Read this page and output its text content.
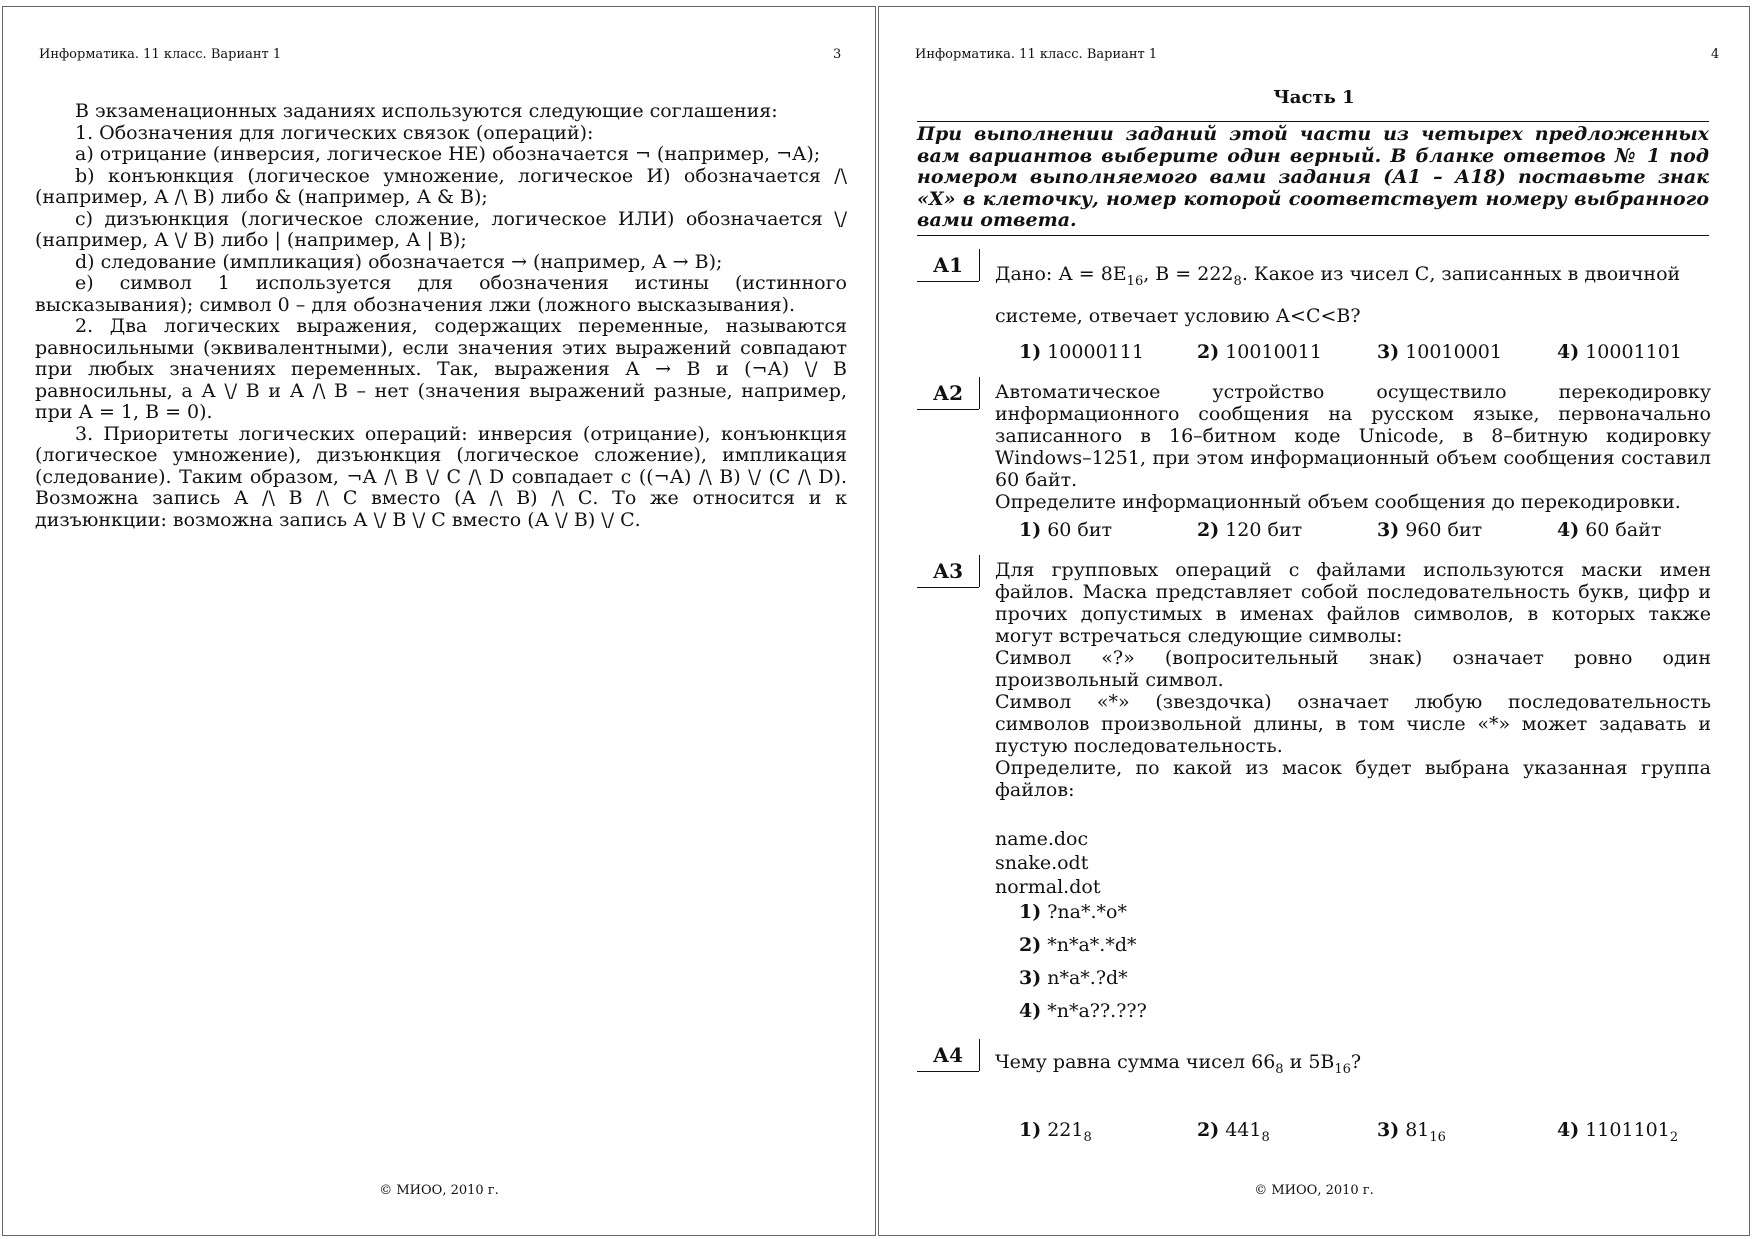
Информатика. 11 класс. Вариант 1	3

В экзаменационных заданиях используются следующие соглашения:

1. Обозначения для логических связок (операций):

a) отрицание (инверсия, логическое НЕ) обозначается ¬ (например, ¬А);

b) конъюнкция (логическое умножение, логическое И) обозначается /\ (например, А /\ В) либо & (например, А & В);

c) дизъюнкция (логическое сложение, логическое ИЛИ) обозначается \/ (например, А \/ В) либо | (например, А | В);

d) следование (импликация) обозначается → (например, А → В);

e) символ 1 используется для обозначения истины (истинного высказывания); символ 0 – для обозначения лжи (ложного высказывания).

2. Два логических выражения, содержащих переменные, называются равносильными (эквивалентными), если значения этих выражений совпадают при любых значениях переменных. Так, выражения А → В и (¬А) \/ В равносильны, а А \/ В и А /\ В – нет (значения выражений разные, например, при А = 1, В = 0).

3. Приоритеты логических операций: инверсия (отрицание), конъюнкция (логическое умножение), дизъюнкция (логическое сложение), импликация (следование). Таким образом, ¬А /\ В \/ С /\ D совпадает с ((¬А) /\ В) \/ (С /\ D). Возможна запись А /\ В /\ С вместо (А /\ В) /\ С. То же относится и к дизъюнкции: возможна запись А \/ В \/ С вместо (А \/ В) \/ С.

© МИОО, 2010 г.
Информатика. 11 класс. Вариант 1	4
Часть 1
При выполнении заданий этой части из четырех предложенных вам вариантов выберите один верный. В бланке ответов № 1 под номером выполняемого вами задания (А1 – А18) поставьте знак «Х» в клеточку, номер которой соответствует номеру выбранного вами ответа.
А1	Дано: $А = 8Е_{16}$, $В = 222_8$. Какое из чисел С, записанных в двоичной
системе, отвечает условию А<C<B?
1) 10000111	2) 10010011	3) 10010001	4) 10001101
А2	Автоматическое устройство осуществило перекодировку информационного сообщения на русском языке, первоначально записанного в 16–битном коде Unicode, в 8–битную кодировку Windows–1251, при этом информационный объем сообщения составил 60 байт.

Определите информационный объем сообщения до перекодировки.

1) 60 бит	2) 120 бит	3) 960 бит	4) 60 байт
А3	Для групповых операций с файлами используются маски имен файлов. Маска представляет собой последовательность букв, цифр и прочих допустимых в именах файлов символов, в которых также могут встречаться следующие символы:

Символ «?» (вопросительный знак) означает ровно один произвольный символ.

Символ «*» (звездочка) означает любую последовательность символов произвольной длины, в том числе «*» может задавать и пустую последовательность.

Определите, по какой из масок будет выбрана указанная группа файлов:

name.doc
snake.odt
normal.dot
1) ?na*.*o*
2) *n*a*.*d*
3) n*a*.?d*
4) *n*a??.???
А4	Чему равна сумма чисел $66_8$ и $5В_{16}$?
1) $221_8$	2) $441_8$	3) $81_{16}$	4) $1101101_2$
© МИОО, 2010 г.
